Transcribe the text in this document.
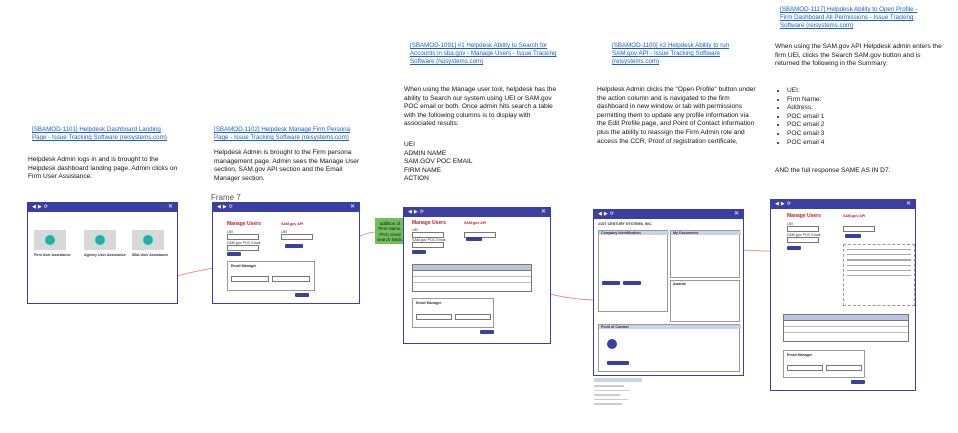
[SBAMOD-1101] Helpdesk Dashboard Landing Page - Issue Tracking Software (reisystems.com)
Helpdesk Admin logs in and is brought to the Helpdesk dashboard landing page. Admin clicks on Firm User Assistance.
◀▶⟳	✕
Firm User Assistance	Agency User Assistance SBA User Assistance
[SBAMOD-1102] Helpdesk Manage Firm Persona Page - Issue Tracking Software (reisystems.com)
Helpdesk Admin is brought to the Firm persona management page. Admin sees the Manage User section, SAM.gov API section and the Email Manager section.
Frame 7
◀▶⟳	✕
Manage Users	SAM.gov API
UEI	UEI
SAM.gov POC Email
Email Manager
addition of Firm Name, POC email search fields.
[SBAMOD-1091] #1 Helpdesk Ability to Search for Accounts in sba.gov - Manage Users - Issue Tracking Software (reisystems.com)
When using the Manage user tool, helpdesk has the ability to Search our system using UEI or SAM.gov POC email or both. Once admin hits search a table with the following columns is to display with associated results:
UEI
ADMIN NAME
SAM.GOV POC EMAIL
FIRM NAME
ACTION
◀▶⟳	✕
Manage Users	SAM.gov API
UEI
SAM.gov POC Email
Email Manager
[SBAMOD-1100] #2 Helpdesk Ability to run SAM.gov API - Issue Tracking Software (reisystems.com)
Helpdesk Admin clicks the "Open Profile" button under the action column and is navigated to the firm dashboard in new window or tab with permissions permitting them to update any profile information via the Edit Profile page, and Point of Contact information plus the ability to reassign the Firm Admin role and access the CCR, Proof of registration certificate,
◀▶⟳	✕
21ST CENTURY SYSTEMS, INC.
Company Identification	My Documents
Awards
Point of Contact
[SBAMOD-1117] Helpdesk Ability to Open Profile - Firm Dashboard All Permissions - Issue Tracking Software (reisystems.com)
When using the SAM.gov API Helpdesk admin enters the firm UEI, clicks the Search SAM.gov button and is returned the following in the Summary:
• UEI:
• Firm Name:
• Address:
• POC email 1
• POC email 2
• POC email 3
• POC email 4
AND the full response SAME AS IN D7.
◀▶⟳	✕
Manage Users	SAM.gov API
UEI
SAM.gov POC Email
Email Manager
